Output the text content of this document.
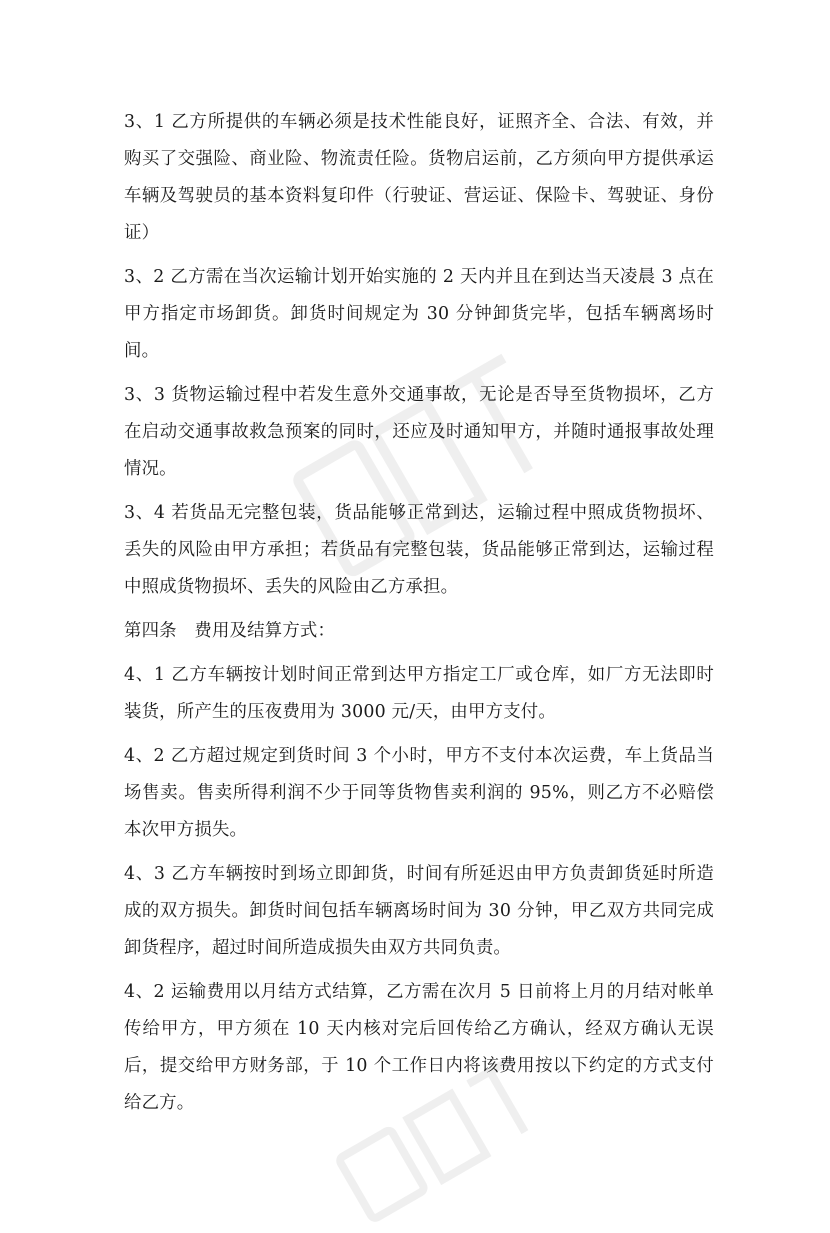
3、1 乙方所提供的车辆必须是技术性能良好，证照齐全、合法、有效，并购买了交强险、商业险、物流责任险。货物启运前，乙方须向甲方提供承运车辆及驾驶员的基本资料复印件（行驶证、营运证、保险卡、驾驶证、身份证）

3、2 乙方需在当次运输计划开始实施的 2 天内并且在到达当天凌晨 3 点在甲方指定市场卸货。卸货时间规定为 30 分钟卸货完毕，包括车辆离场时间。

3、3 货物运输过程中若发生意外交通事故，无论是否导至货物损坏，乙方在启动交通事故救急预案的同时，还应及时通知甲方，并随时通报事故处理情况。

3、4 若货品无完整包装，货品能够正常到达，运输过程中照成货物损坏、丢失的风险由甲方承担；若货品有完整包装，货品能够正常到达，运输过程中照成货物损坏、丢失的风险由乙方承担。

第四条　费用及结算方式：

4、1 乙方车辆按计划时间正常到达甲方指定工厂或仓库，如厂方无法即时装货，所产生的压夜费用为 3000 元/天，由甲方支付。

4、2 乙方超过规定到货时间 3 个小时，甲方不支付本次运费，车上货品当场售卖。售卖所得利润不少于同等货物售卖利润的 95%，则乙方不必赔偿本次甲方损失。

4、3 乙方车辆按时到场立即卸货，时间有所延迟由甲方负责卸货延时所造成的双方损失。卸货时间包括车辆离场时间为 30 分钟，甲乙双方共同完成卸货程序，超过时间所造成损失由双方共同负责。

4、2 运输费用以月结方式结算，乙方需在次月 5 日前将上月的月结对帐单传给甲方，甲方须在 10 天内核对完后回传给乙方确认，经双方确认无误后，提交给甲方财务部，于 10 个工作日内将该费用按以下约定的方式支付给乙方。
